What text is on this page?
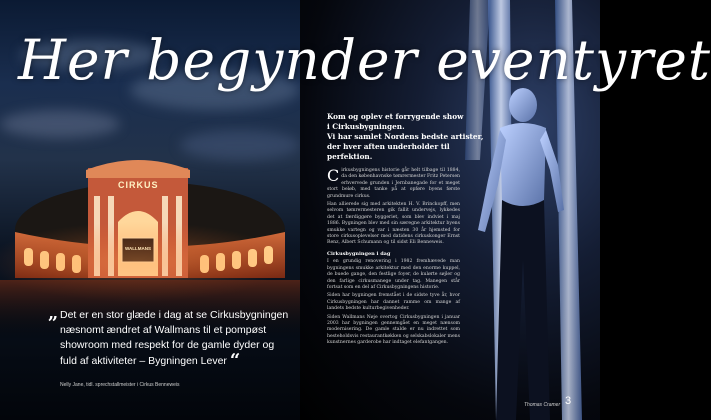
CIRKUS
WALLMANS
Her begynder eventyret

Kom og oplev et forrygende show
i Cirkusbygningen.
Vi har samlet Nordens bedste artister,
der hver aften underholder til perfektion.

Cirkusbygningens historie går helt tilbage til 1884, da den københavnske tømrermester Fritz Petersen erhvervede grunden i Jernbanegade for et meget stort beløb, med tanke på at opføre byens første grundmure cirkus.

Han allierede sig med arkitekten H. V. Brinckopff, men selvom tømrermesteren gik fallit undervejs, lykkedes det at færdiggøre byggeriet, som blev indviet i maj 1886. Bygningen blev med sin særegne arkitektur byens smukke vartegn og var i næsten 30 år hjemsted for store cirkusoplevelser med datidens cirkuskonger Ernst Renz, Albert Schumann og til sidst Eli Benneweis.

Cirkusbygningen i dag

I en grundig renovering i 1982 fremhævede man bygningens smukke arkitektur med den enorme kuppel, de buede gange, den festlige foyer, de kulørte søjler og den farlige cirkusmanege under tag. Manegen står fortsat som en del af Cirkusbygningens historie.

Siden har bygningen fremstået i de sidste tyve år, hvor Cirkusbygningen har dannet ramme om mange af landets bedste kulturbegivenheder.

Siden Wallmans Nøje overtog Cirkusbygningen i januar 2003 har bygningen gennemgået en meget nænsom modernisering. De gamle stalde er nu indrettet som hesteholdsvis restaurantkøkken og selskabslokaler mens kunstnernes garderobe har indtaget elefantgangen.

„ Det er en stor glæde i dag at se Cirkusbygningen næsnomt ændret af Wallmans til et pompøst showroom med respekt for de gamle dyder og fuld af aktiviteter – Bygningen Lever “
Nelly Jane, tidl. sprechstallmeister i Cirkus Benneweis
Thomas Cramer 3
